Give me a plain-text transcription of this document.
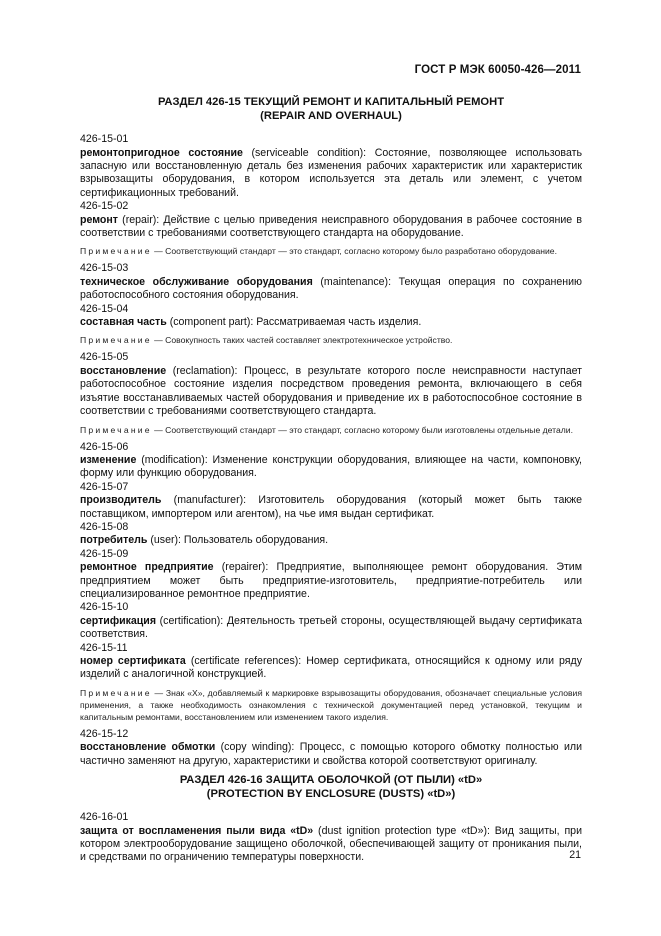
ГОСТ Р МЭК 60050-426—2011
РАЗДЕЛ 426-15 ТЕКУЩИЙ РЕМОНТ И КАПИТАЛЬНЫЙ РЕМОНТ
(REPAIR AND OVERHAUL)
426-15-01
ремонтопригодное состояние (serviceable condition): Состояние, позволяющее использовать запасную или восстановленную деталь без изменения рабочих характеристик или характеристик взрывозащиты оборудования, в котором используется эта деталь или элемент, с учетом сертификационных требований.
426-15-02
ремонт (repair): Действие с целью приведения неисправного оборудования в рабочее состояние в соответствии с требованиями соответствующего стандарта на оборудование.
Примечание — Соответствующий стандарт — это стандарт, согласно которому было разработано оборудование.
426-15-03
техническое обслуживание оборудования (maintenance): Текущая операция по сохранению работоспособного состояния оборудования.
426-15-04
составная часть (component part): Рассматриваемая часть изделия.
Примечание — Совокупность таких частей составляет электротехническое устройство.
426-15-05
восстановление (reclamation): Процесс, в результате которого после неисправности наступает работоспособное состояние изделия посредством проведения ремонта, включающего в себя изъятие восстанавливаемых частей оборудования и приведение их в работоспособное состояние в соответствии с требованиями соответствующего стандарта.
Примечание — Соответствующий стандарт — это стандарт, согласно которому были изготовлены отдельные детали.
426-15-06
изменение (modification): Изменение конструкции оборудования, влияющее на части, компоновку, форму или функцию оборудования.
426-15-07
производитель (manufacturer): Изготовитель оборудования (который может быть также поставщиком, импортером или агентом), на чье имя выдан сертификат.
426-15-08
потребитель (user): Пользователь оборудования.
426-15-09
ремонтное предприятие (repairer): Предприятие, выполняющее ремонт оборудования. Этим предприятием может быть предприятие-изготовитель, предприятие-потребитель или специализированное ремонтное предприятие.
426-15-10
сертификация (certification): Деятельность третьей стороны, осуществляющей выдачу сертификата соответствия.
426-15-11
номер сертификата (certificate references): Номер сертификата, относящийся к одному или ряду изделий с аналогичной конструкцией.
Примечание — Знак «X», добавляемый к маркировке взрывозащиты оборудования, обозначает специальные условия применения, а также необходимость ознакомления с технической документацией перед установкой, текущим и капитальным ремонтами, восстановлением или изменением такого изделия.
426-15-12
восстановление обмотки (copy winding): Процесс, с помощью которого обмотку полностью или частично заменяют на другую, характеристики и свойства которой соответствуют оригиналу.
РАЗДЕЛ 426-16 ЗАЩИТА ОБОЛОЧКОЙ (ОТ ПЫЛИ) «tD»
(PROTECTION BY ENCLOSURE (DUSTS) «tD»)
426-16-01
защита от воспламенения пыли вида «tD» (dust ignition protection type «tD»): Вид защиты, при котором электрооборудование защищено оболочкой, обеспечивающей защиту от проникания пыли, и средствами по ограничению температуры поверхности.	21
